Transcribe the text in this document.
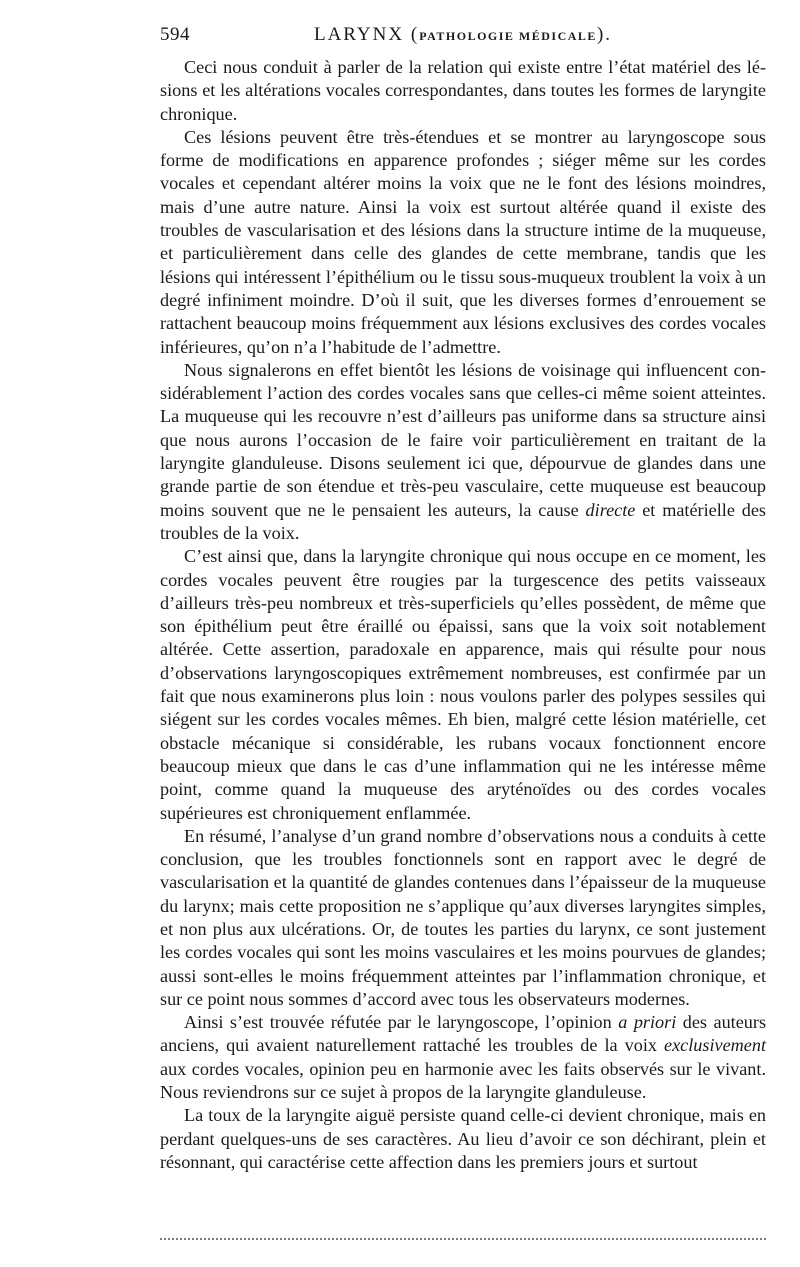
594	LARYNX (PATHOLOGIE MÉDICALE).

Ceci nous conduit à parler de la relation qui existe entre l’état matériel des lésions et les altérations vocales correspondantes, dans toutes les formes de laryngite chronique.

Ces lésions peuvent être très-étendues et se montrer au laryngoscope sous forme de modifications en apparence profondes ; siéger même sur les cordes vocales et cependant altérer moins la voix que ne le font des lésions moindres, mais d’une autre nature. Ainsi la voix est surtout altérée quand il existe des troubles de vascularisation et des lésions dans la structure intime de la muqueuse, et particulièrement dans celle des glandes de cette membrane, tandis que les lésions qui intéressent l’épithélium ou le tissu sous-muqueux troublent la voix à un degré infiniment moindre. D’où il suit, que les diverses formes d’enrouement se rattachent beaucoup moins fréquemment aux lésions exclusives des cordes vocales inférieures, qu’on n’a l’habitude de l’admettre.

Nous signalerons en effet bientôt les lésions de voisinage qui influencent considérablement l’action des cordes vocales sans que celles-ci même soient atteintes. La muqueuse qui les recouvre n’est d’ailleurs pas uniforme dans sa structure ainsi que nous aurons l’occasion de le faire voir particulièrement en traitant de la laryngite glanduleuse. Disons seulement ici que, dépourvue de glandes dans une grande partie de son étendue et très-peu vasculaire, cette muqueuse est beaucoup moins souvent que ne le pensaient les auteurs, la cause directe et matérielle des troubles de la voix.

C’est ainsi que, dans la laryngite chronique qui nous occupe en ce moment, les cordes vocales peuvent être rougies par la turgescence des petits vaisseaux d’ailleurs très-peu nombreux et très-superficiels qu’elles possèdent, de même que son épithélium peut être éraillé ou épaissi, sans que la voix soit notablement altérée. Cette assertion, paradoxale en apparence, mais qui résulte pour nous d’observations laryngoscopiques extrêmement nombreuses, est confirmée par un fait que nous examinerons plus loin : nous voulons parler des polypes sessiles qui siégent sur les cordes vocales mêmes. Eh bien, malgré cette lésion matérielle, cet obstacle mécanique si considérable, les rubans vocaux fonctionnent encore beaucoup mieux que dans le cas d’une inflammation qui ne les intéresse même point, comme quand la muqueuse des aryténoïdes ou des cordes vocales supérieures est chroniquement enflammée.

En résumé, l’analyse d’un grand nombre d’observations nous a conduits à cette conclusion, que les troubles fonctionnels sont en rapport avec le degré de vascularisation et la quantité de glandes contenues dans l’épaisseur de la muqueuse du larynx; mais cette proposition ne s’applique qu’aux diverses laryngites simples, et non plus aux ulcérations. Or, de toutes les parties du larynx, ce sont justement les cordes vocales qui sont les moins vasculaires et les moins pourvues de glandes; aussi sont-elles le moins fréquemment atteintes par l’inflammation chronique, et sur ce point nous sommes d’accord avec tous les observateurs modernes.

Ainsi s’est trouvée réfutée par le laryngoscope, l’opinion a priori des auteurs anciens, qui avaient naturellement rattaché les troubles de la voix exclusivement aux cordes vocales, opinion peu en harmonie avec les faits observés sur le vivant. Nous reviendrons sur ce sujet à propos de la laryngite glanduleuse.

La toux de la laryngite aiguë persiste quand celle-ci devient chronique, mais en perdant quelques-uns de ses caractères. Au lieu d’avoir ce son déchirant, plein et résonnant, qui caractérise cette affection dans les premiers jours et surtout
